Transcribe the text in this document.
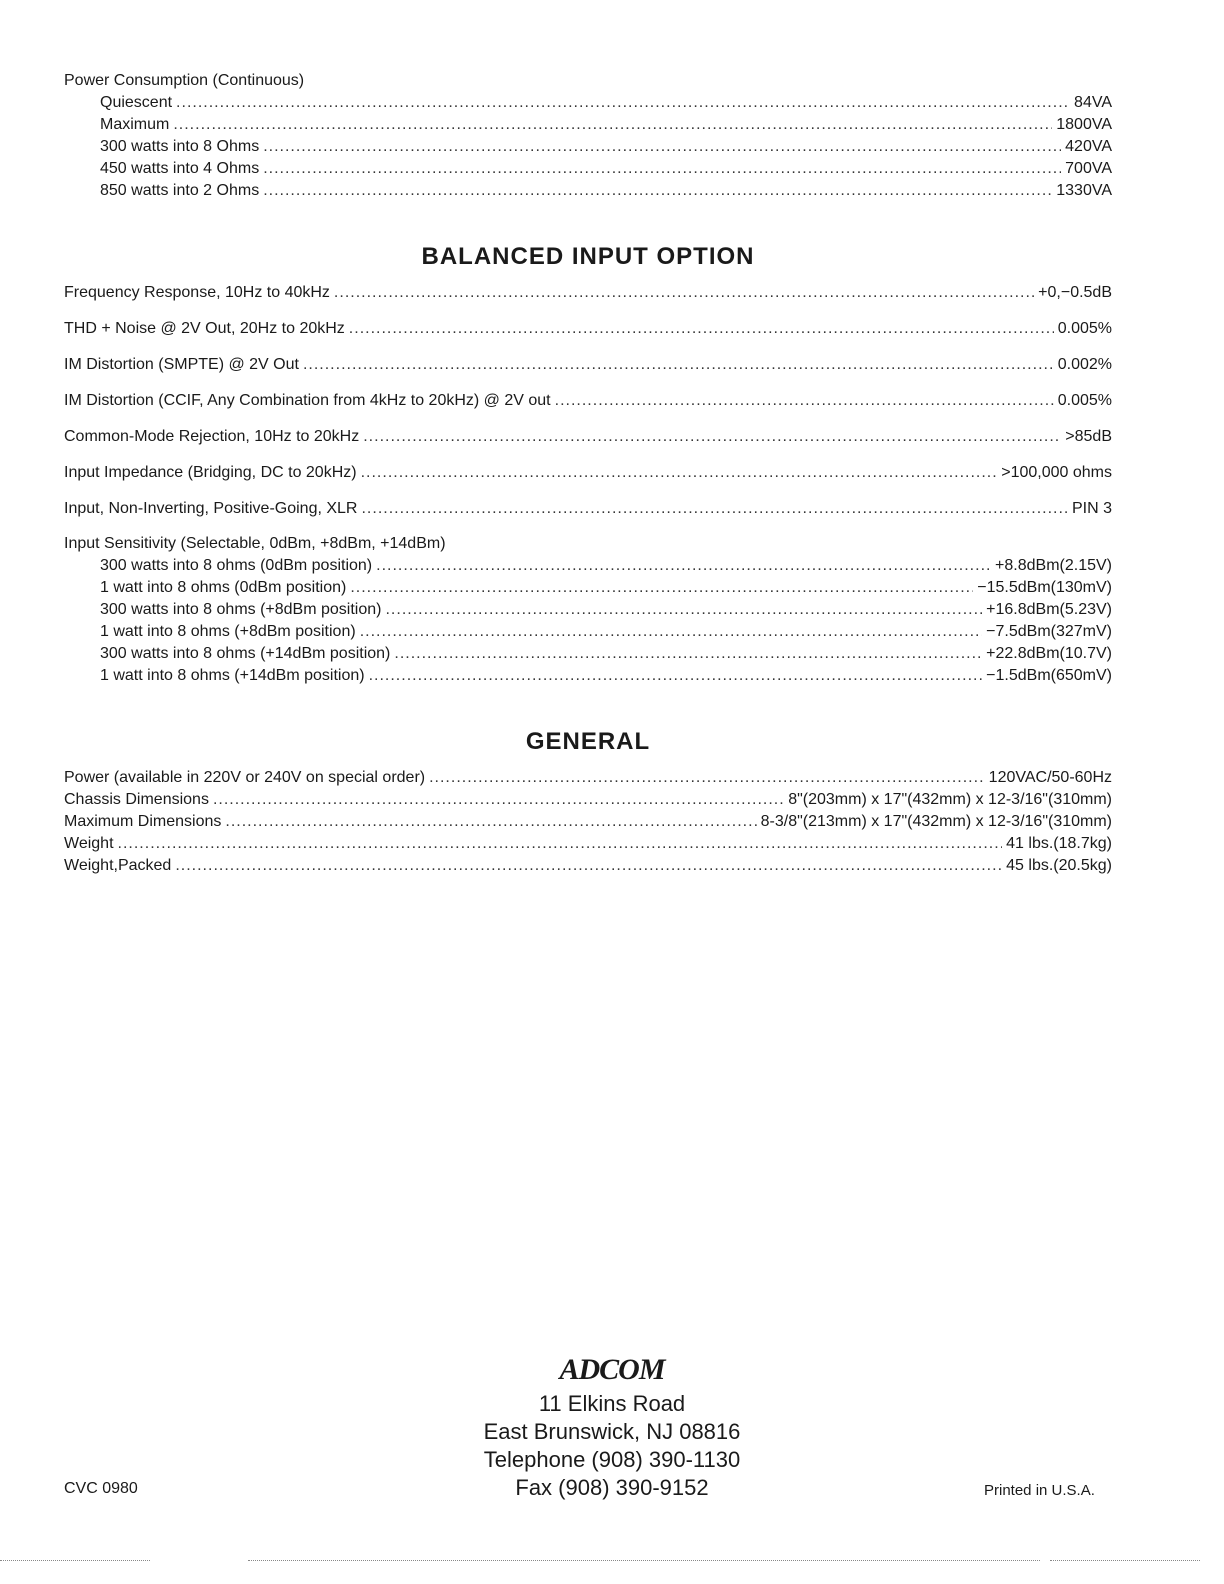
Power Consumption (Continuous)
Quiescent .....	84VA
Maximum .....	1800VA
300 watts into 8 Ohms .....	420VA
450 watts into 4 Ohms .....	700VA
850 watts into 2 Ohms .....	1330VA
BALANCED INPUT OPTION
Frequency Response, 10Hz to 40kHz .....	+0,−0.5dB
THD + Noise @ 2V Out, 20Hz to 20kHz .....	0.005%
IM Distortion (SMPTE) @ 2V Out .....	0.002%
IM Distortion (CCIF, Any Combination from 4kHz to 20kHz) @ 2V out .....	0.005%
Common-Mode Rejection, 10Hz to 20kHz .....	>85dB
Input Impedance (Bridging, DC to 20kHz) .....	>100,000 ohms
Input, Non-Inverting, Positive-Going, XLR .....	PIN 3
Input Sensitivity (Selectable, 0dBm, +8dBm, +14dBm)
300 watts into 8 ohms (0dBm position) .....	+8.8dBm(2.15V)
1 watt into 8 ohms (0dBm position) .....	−15.5dBm(130mV)
300 watts into 8 ohms (+8dBm position) .....	+16.8dBm(5.23V)
1 watt into 8 ohms (+8dBm position) .....	−7.5dBm(327mV)
300 watts into 8 ohms (+14dBm position) .....	+22.8dBm(10.7V)
1 watt into 8 ohms (+14dBm position) .....	−1.5dBm(650mV)
GENERAL
Power (available in 220V or 240V on special order) .....	120VAC/50-60Hz
Chassis Dimensions .....	8"(203mm) x 17"(432mm) x 12-3/16"(310mm)
Maximum Dimensions .....	8-3/8"(213mm) x 17"(432mm) x 12-3/16"(310mm)
Weight .....	41 lbs.(18.7kg)
Weight,Packed .....	45 lbs.(20.5kg)
ADCOM
11 Elkins Road
East Brunswick, NJ 08816
Telephone (908) 390-1130
Fax (908) 390-9152
CVC 0980	Printed in U.S.A.
